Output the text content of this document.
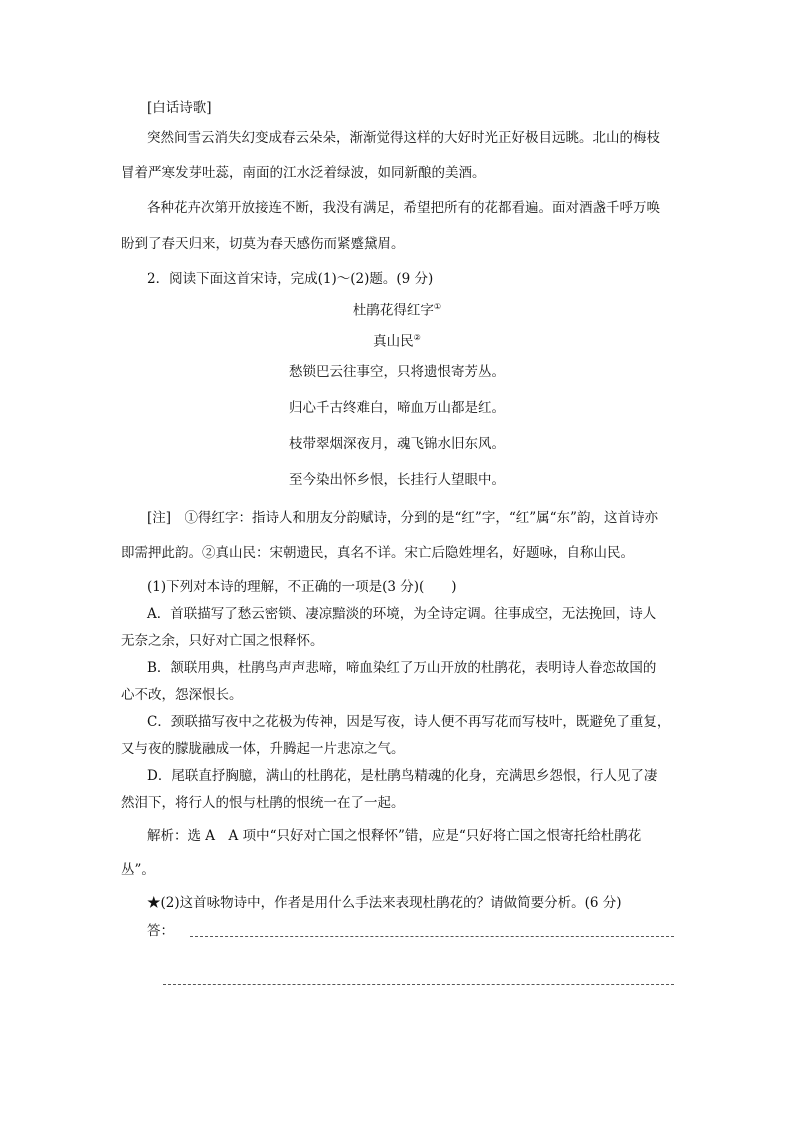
[白话诗歌]
突然间雪云消失幻变成春云朵朵，渐渐觉得这样的大好时光正好极目远眺。北山的梅枝
冒着严寒发芽吐蕊，南面的江水泛着绿波，如同新酿的美酒。
各种花卉次第开放接连不断，我没有满足，希望把所有的花都看遍。面对酒盏千呼万唤
盼到了春天归来，切莫为春天感伤而紧蹙黛眉。
2．阅读下面这首宋诗，完成(1)～(2)题。(9 分)
杜鹃花得红字①
真山民②
愁锁巴云往事空，只将遗恨寄芳丛。
归心千古终难白，啼血万山都是红。
枝带翠烟深夜月，魂飞锦水旧东风。
至今染出怀乡恨，长挂行人望眼中。
[注]　①得红字：指诗人和朋友分韵赋诗，分到的是“红”字，“红”属“东”韵，这首诗亦
即需押此韵。②真山民：宋朝遗民，真名不详。宋亡后隐姓埋名，好题咏，自称山民。
(1)下列对本诗的理解，不正确的一项是(3 分)(　　)
A．首联描写了愁云密锁、凄凉黯淡的环境，为全诗定调。往事成空，无法挽回，诗人
无奈之余，只好对亡国之恨释怀。
B．颔联用典，杜鹃鸟声声悲啼，啼血染红了万山开放的杜鹃花，表明诗人眷恋故国的
心不改，怨深恨长。
C．颈联描写夜中之花极为传神，因是写夜，诗人便不再写花而写枝叶，既避免了重复，
又与夜的朦胧融成一体，升腾起一片悲凉之气。
D．尾联直抒胸臆，满山的杜鹃花，是杜鹃鸟精魂的化身，充满思乡怨恨，行人见了凄
然泪下，将行人的恨与杜鹃的恨统一在了一起。
解析：选 A　A 项中“只好对亡国之恨释怀”错，应是“只好将亡国之恨寄托给杜鹃花
丛”。
★(2)这首咏物诗中，作者是用什么手法来表现杜鹃花的？请做简要分析。(6 分)
答：
